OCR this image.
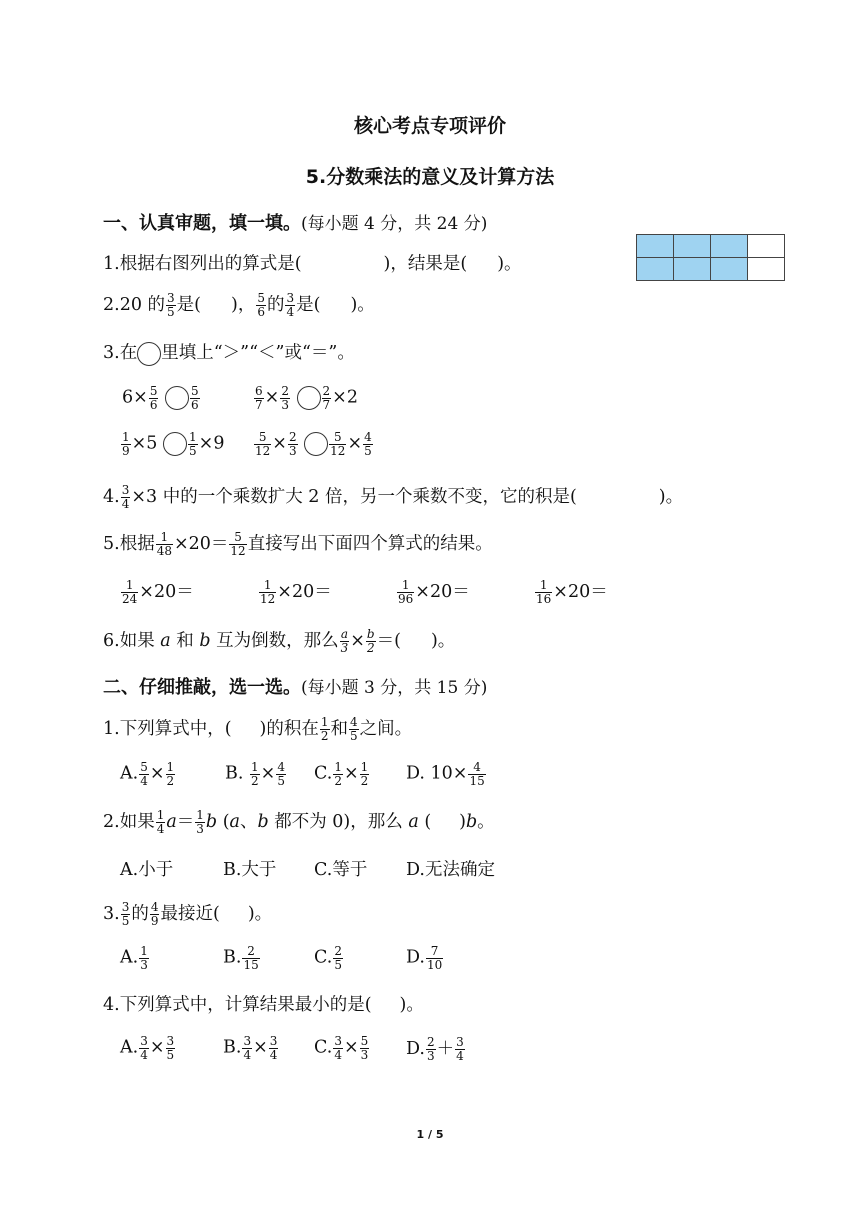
核心考点专项评价
5.分数乘法的意义及计算方法
一、认真审题，填一填。(每小题 4 分，共 24 分)
1.根据右图列出的算式是(	)，结果是( )。

2.20 的 $\frac{3}{5}$ 是( )， $\frac{5}{6}$ 的 $\frac{3}{4}$ 是( )。
3.在 里填上“＞”“＜”或“＝”。
$6\times \frac{5}{6}$
	$\frac{5}{6}$	$\frac{6}{7} \times \frac{2}{3}$
	$\frac{2}{7} \times 2$
$\frac{1}{9} \times 5$	$\frac{1}{5} \times 9 \frac{5}{12} \times \frac{2}{3}$
	$\frac{5}{12} \times \frac{4}{5}$
4. $\frac{3}{4} \times 3$ 中的一个乘数扩大 2 倍，另一个乘数不变，它的积是(	)。
5.根据 $\frac{1}{48} \times 20= \frac{5}{12}$ 直接写出下面四个算式的结果。
$\frac{1}{24} \times 20=$	$\frac{1}{12} \times 20=$	$\frac{1}{96} \times 20=$	$\frac{1}{16} \times 20=$
6.如果 a 和 b 互为倒数，那么 $\frac{a}{3} \times \frac{b}{2}$ ＝( )。
二、仔细推敲，选一选。(每小题 3 分，共 15 分)
1.下列算式中，( )的积在 $\frac{1}{2}$ 和 $\frac{4}{5}$ 之间。
A. $\frac{5}{4} \times \frac{1}{2}$	B. $\frac{1}{2} \times \frac{4}{5} C$. $\frac{1}{2} \times \frac{1}{2} D$. $10\times \frac{4}{15}$
2.如果 $\frac{1}{4} a= \frac{1}{3}$ b (a、b 都不为 0)，那么 a ( )b。
A.小于	B.大于 C.等于 D.无法确定
3. $\frac{3}{5}$ 的 $\frac{4}{9}$ 最接近( )。
A. $\frac{1}{3}$	B. $\frac{2}{15}$	C. $\frac{2}{5}$	D. $\frac{7}{10}$
4.下列算式中，计算结果最小的是( )。
A. $\frac{3}{4} \times \frac{3}{5}$	B. $\frac{3}{4} \times \frac{3}{4} C$. $\frac{3}{4} \times \frac{5}{3} D$. $\frac{2}{3} + \frac{3}{4}$
1 / 5
